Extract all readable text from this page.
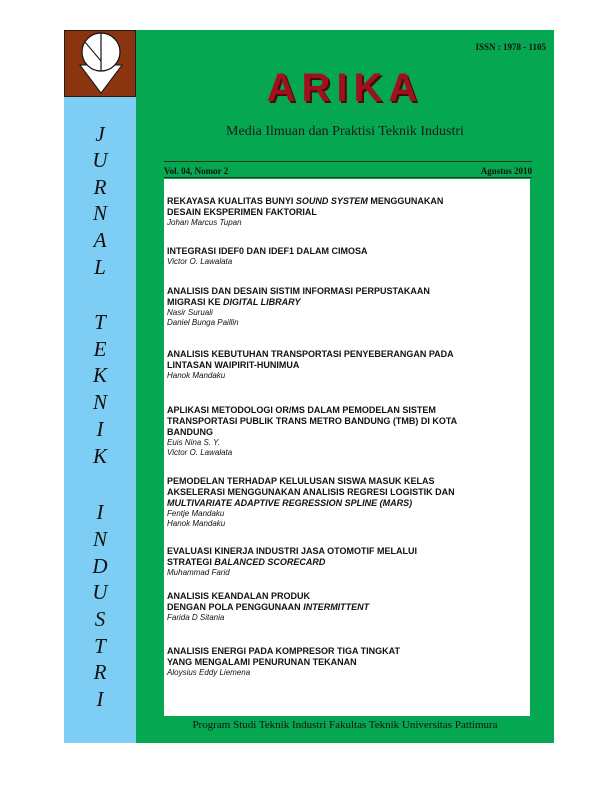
J
U
R
N
A
L
T
E
K
N
I
K
I
N
D
U
S
T
R
I
ISSN : 1978 - 1105
ARIKA
Media Ilmuan dan Praktisi Teknik Industri
Vol. 04, Nomor 2	Agustus 2010
Program Studi Teknik Industri Fakultas Teknik Universitas Pattimura
REKAYASA KUALITAS BUNYI SOUND SYSTEM MENGGUNAKAN
DESAIN EKSPERIMEN FAKTORIAL
Johan Marcus Tupan
INTEGRASI IDEF0 DAN IDEF1 DALAM CIMOSA
Victor O. Lawalata
ANALISIS DAN DESAIN SISTIM INFORMASI PERPUSTAKAAN
MIGRASI KE DIGITAL LIBRARY
Nasir Suruali
Daniel Bunga Paillin
ANALISIS KEBUTUHAN TRANSPORTASI PENYEBERANGAN PADA
LINTASAN WAIPIRIT-HUNIMUA
Hanok Mandaku
APLIKASI METODOLOGI OR/MS DALAM PEMODELAN SISTEM
TRANSPORTASI PUBLIK TRANS METRO BANDUNG (TMB) DI KOTA
BANDUNG
Euis Nina S. Y.
Victor O. Lawalata
PEMODELAN TERHADAP KELULUSAN SISWA MASUK KELAS
AKSELERASI MENGGUNAKAN ANALISIS REGRESI LOGISTIK DAN
MULTIVARIATE ADAPTIVE REGRESSION SPLINE (MARS)
Fentje Mandaku
Hanok Mandaku
EVALUASI KINERJA INDUSTRI JASA OTOMOTIF MELALUI
STRATEGI BALANCED SCORECARD
Muhammad Farid
ANALISIS KEANDALAN PRODUK
DENGAN POLA PENGGUNAAN INTERMITTENT
Farida D Sitania
ANALISIS ENERGI PADA KOMPRESOR TIGA TINGKAT
YANG MENGALAMI PENURUNAN TEKANAN
Aloysius Eddy Liemena
